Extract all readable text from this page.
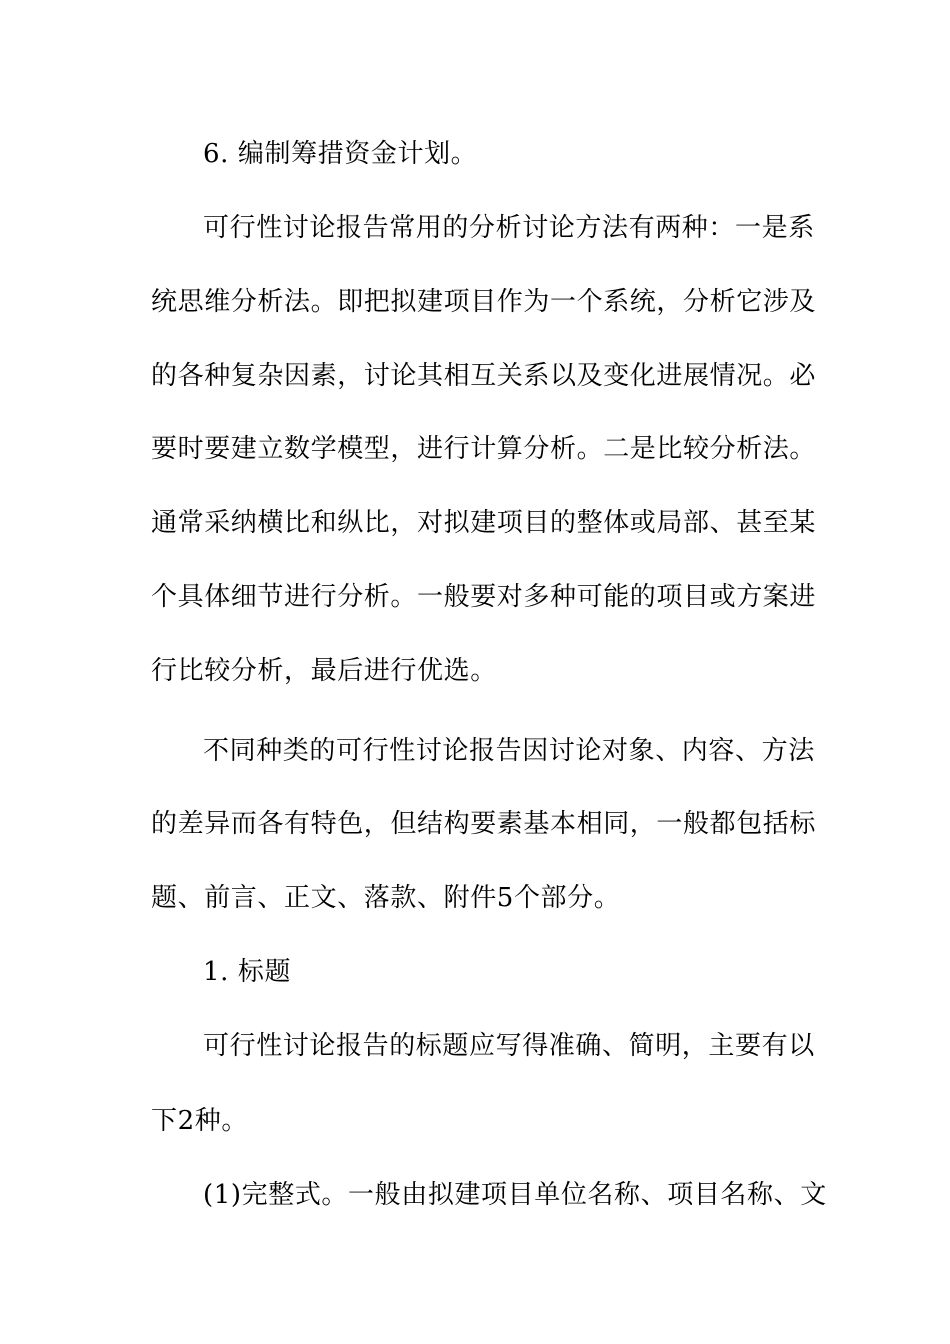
6. 编制筹措资金计划。
可行性讨论报告常用的分析讨论方法有两种：一是系
统思维分析法。即把拟建项目作为一个系统，分析它涉及
的各种复杂因素，讨论其相互关系以及变化进展情况。必
要时要建立数学模型，进行计算分析。二是比较分析法。
通常采纳横比和纵比，对拟建项目的整体或局部、甚至某
个具体细节进行分析。一般要对多种可能的项目或方案进
行比较分析，最后进行优选。
不同种类的可行性讨论报告因讨论对象、内容、方法
的差异而各有特色，但结构要素基本相同，一般都包括标
题、前言、正文、落款、附件5个部分。
1. 标题
可行性讨论报告的标题应写得准确、简明，主要有以
下2种。
(1)完整式。一般由拟建项目单位名称、项目名称、文
